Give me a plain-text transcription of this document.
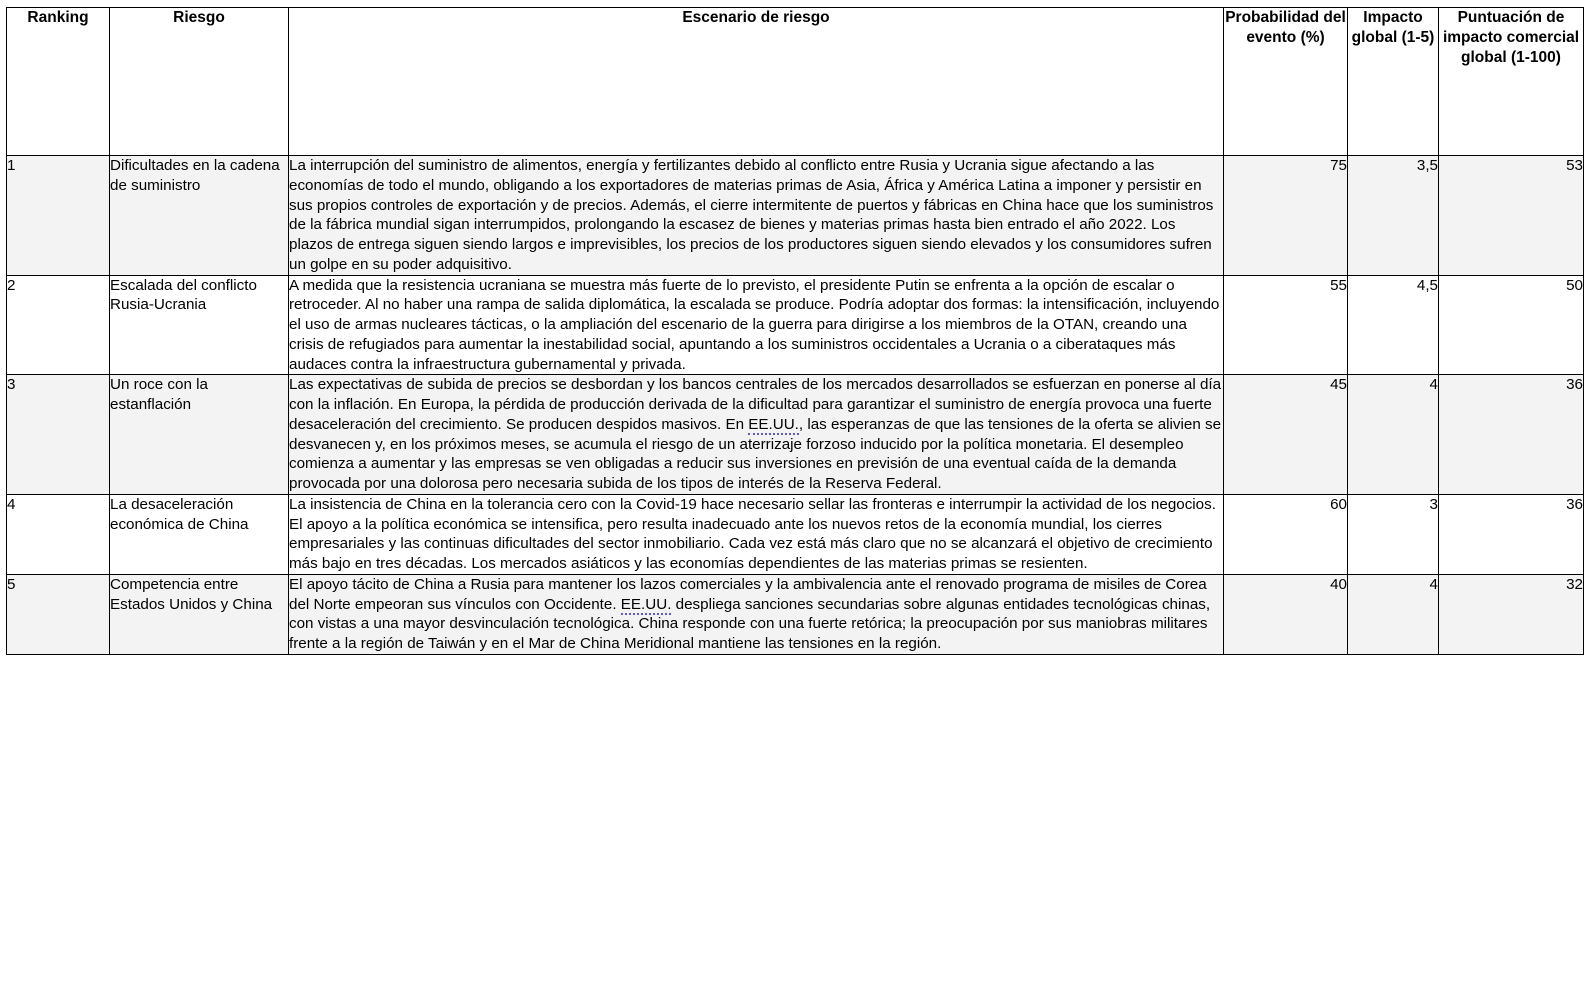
Ranking	Riesgo	Escenario de riesgo	Probabilidad del evento (%)	Impacto global (1-5)	Puntuación de impacto comercial global (1-100)

1	Dificultades en la cadena de suministro	La interrupción del suministro de alimentos, energía y fertilizantes debido al conflicto entre Rusia y Ucrania sigue afectando a las economías de todo el mundo, obligando a los exportadores de materias primas de Asia, África y América Latina a imponer y persistir en sus propios controles de exportación y de precios. Además, el cierre intermitente de puertos y fábricas en China hace que los suministros de la fábrica mundial sigan interrumpidos, prolongando la escasez de bienes y materias primas hasta bien entrado el año 2022. Los plazos de entrega siguen siendo largos e imprevisibles, los precios de los productores siguen siendo elevados y los consumidores sufren un golpe en su poder adquisitivo.	75	3,5	53
2	Escalada del conflicto Rusia-Ucrania	A medida que la resistencia ucraniana se muestra más fuerte de lo previsto, el presidente Putin se enfrenta a la opción de escalar o retroceder. Al no haber una rampa de salida diplomática, la escalada se produce. Podría adoptar dos formas: la intensificación, incluyendo el uso de armas nucleares tácticas, o la ampliación del escenario de la guerra para dirigirse a los miembros de la OTAN, creando una crisis de refugiados para aumentar la inestabilidad social, apuntando a los suministros occidentales a Ucrania o a ciberataques más audaces contra la infraestructura gubernamental y privada.	55	4,5	50
3	Un roce con la estanflación	Las expectativas de subida de precios se desbordan y los bancos centrales de los mercados desarrollados se esfuerzan en ponerse al día con la inflación. En Europa, la pérdida de producción derivada de la dificultad para garantizar el suministro de energía provoca una fuerte desaceleración del crecimiento. Se producen despidos masivos. En EE.UU., las esperanzas de que las tensiones de la oferta se alivien se desvanecen y, en los próximos meses, se acumula el riesgo de un aterrizaje forzoso inducido por la política monetaria. El desempleo comienza a aumentar y las empresas se ven obligadas a reducir sus inversiones en previsión de una eventual caída de la demanda provocada por una dolorosa pero necesaria subida de los tipos de interés de la Reserva Federal.	45	4	36
4	La desaceleración económica de China	La insistencia de China en la tolerancia cero con la Covid-19 hace necesario sellar las fronteras e interrumpir la actividad de los negocios. El apoyo a la política económica se intensifica, pero resulta inadecuado ante los nuevos retos de la economía mundial, los cierres empresariales y las continuas dificultades del sector inmobiliario. Cada vez está más claro que no se alcanzará el objetivo de crecimiento más bajo en tres décadas. Los mercados asiáticos y las economías dependientes de las materias primas se resienten.	60	3	36
5	Competencia entre Estados Unidos y China	El apoyo tácito de China a Rusia para mantener los lazos comerciales y la ambivalencia ante el renovado programa de misiles de Corea del Norte empeoran sus vínculos con Occidente. EE.UU. despliega sanciones secundarias sobre algunas entidades tecnológicas chinas, con vistas a una mayor desvinculación tecnológica. China responde con una fuerte retórica; la preocupación por sus maniobras militares frente a la región de Taiwán y en el Mar de China Meridional mantiene las tensiones en la región.	40	4	32
